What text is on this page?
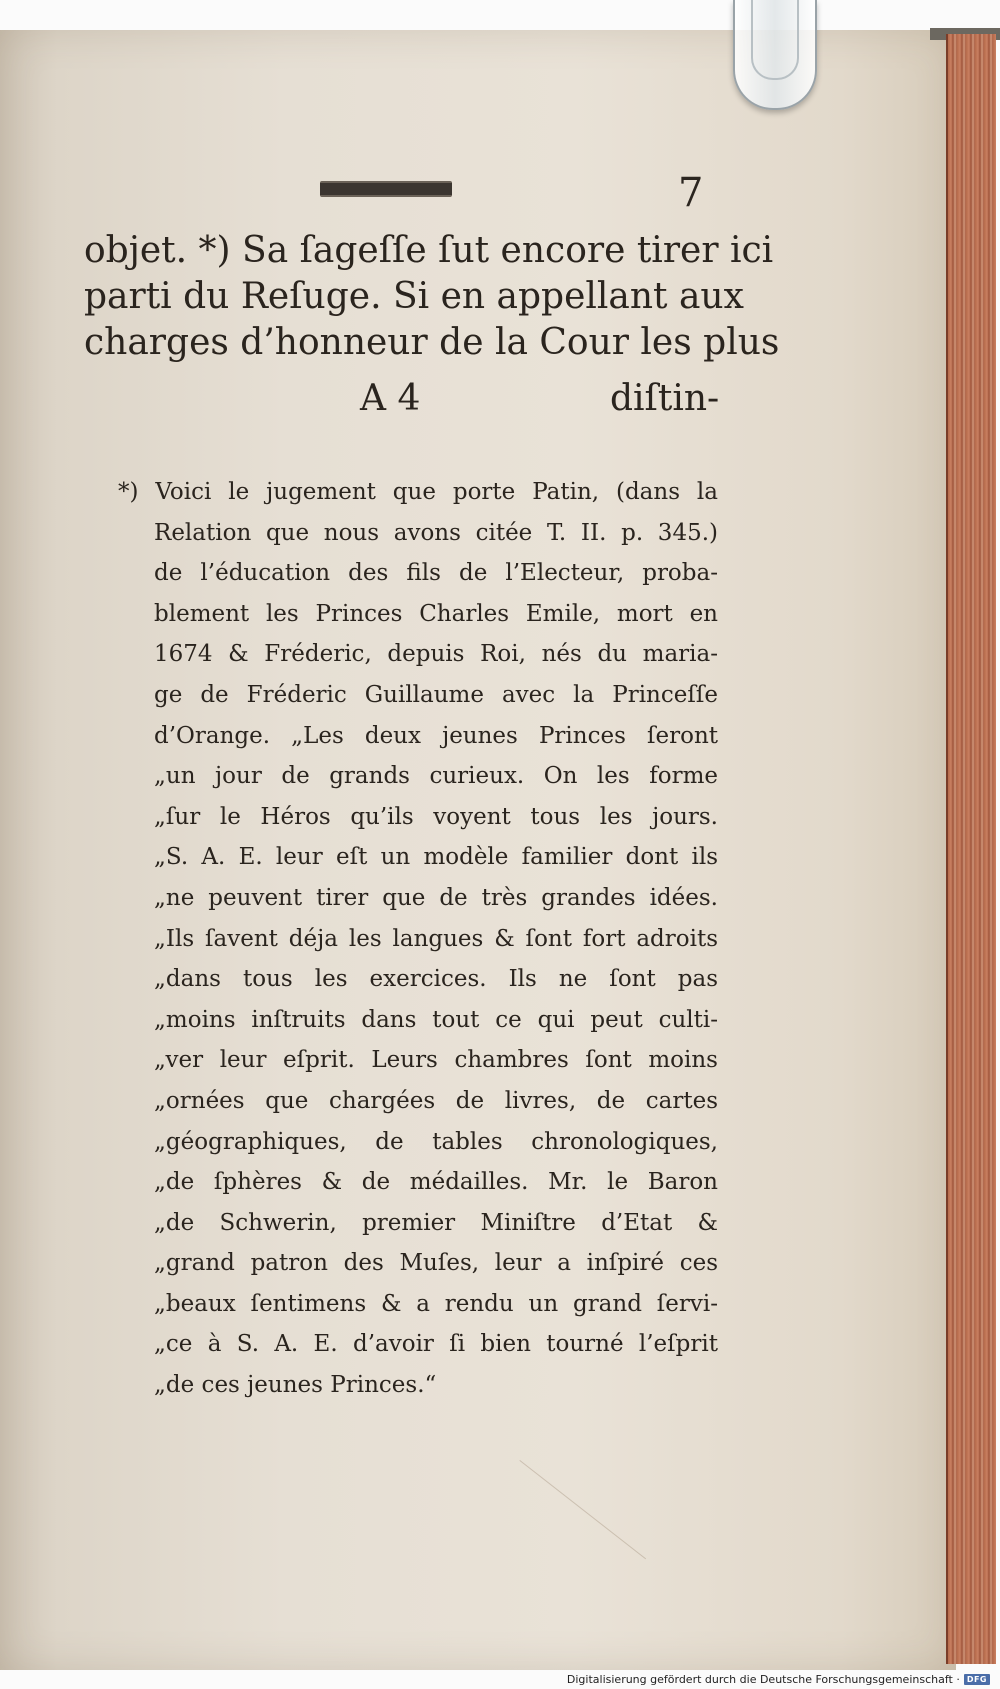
7

objet. *) Sa ſageſſe ſut encore tirer ici
parti du Reſuge. Si en appellant aux
charges d’honneur de la Cour les plus

A 4	diſtin-
*) Voici le jugement que porte Patin, (dans la
Relation que nous avons citée T. II. p. 345.)
de l’éducation des fils de l’Electeur, proba-
blement les Princes Charles Emile, mort en
1674 & Fréderic, depuis Roi, nés du maria-
ge de Fréderic Guillaume avec la Princeſſe
d’Orange. „Les deux jeunes Princes ſeront
„un jour de grands curieux. On les forme
„ſur le Héros qu’ils voyent tous les jours.
„S. A. E. leur eſt un modèle familier dont ils
„ne peuvent tirer que de très grandes idées.
„Ils ſavent déja les langues & ſont fort adroits
„dans tous les exercices. Ils ne ſont pas
„moins inſtruits dans tout ce qui peut culti-
„ver leur eſprit. Leurs chambres ſont moins
„ornées que chargées de livres, de cartes
„géographiques, de tables chronologiques,
„de ſphères & de médailles. Mr. le Baron
„de Schwerin, premier Miniſtre d’Etat &
„grand patron des Muſes, leur a inſpiré ces
„beaux ſentimens & a rendu un grand ſervi-
„ce à S. A. E. d’avoir ſi bien tourné l’eſprit
„de ces jeunes Princes.“
Digitalisierung gefördert durch die Deutsche Forschungsgemeinschaft · DFG
